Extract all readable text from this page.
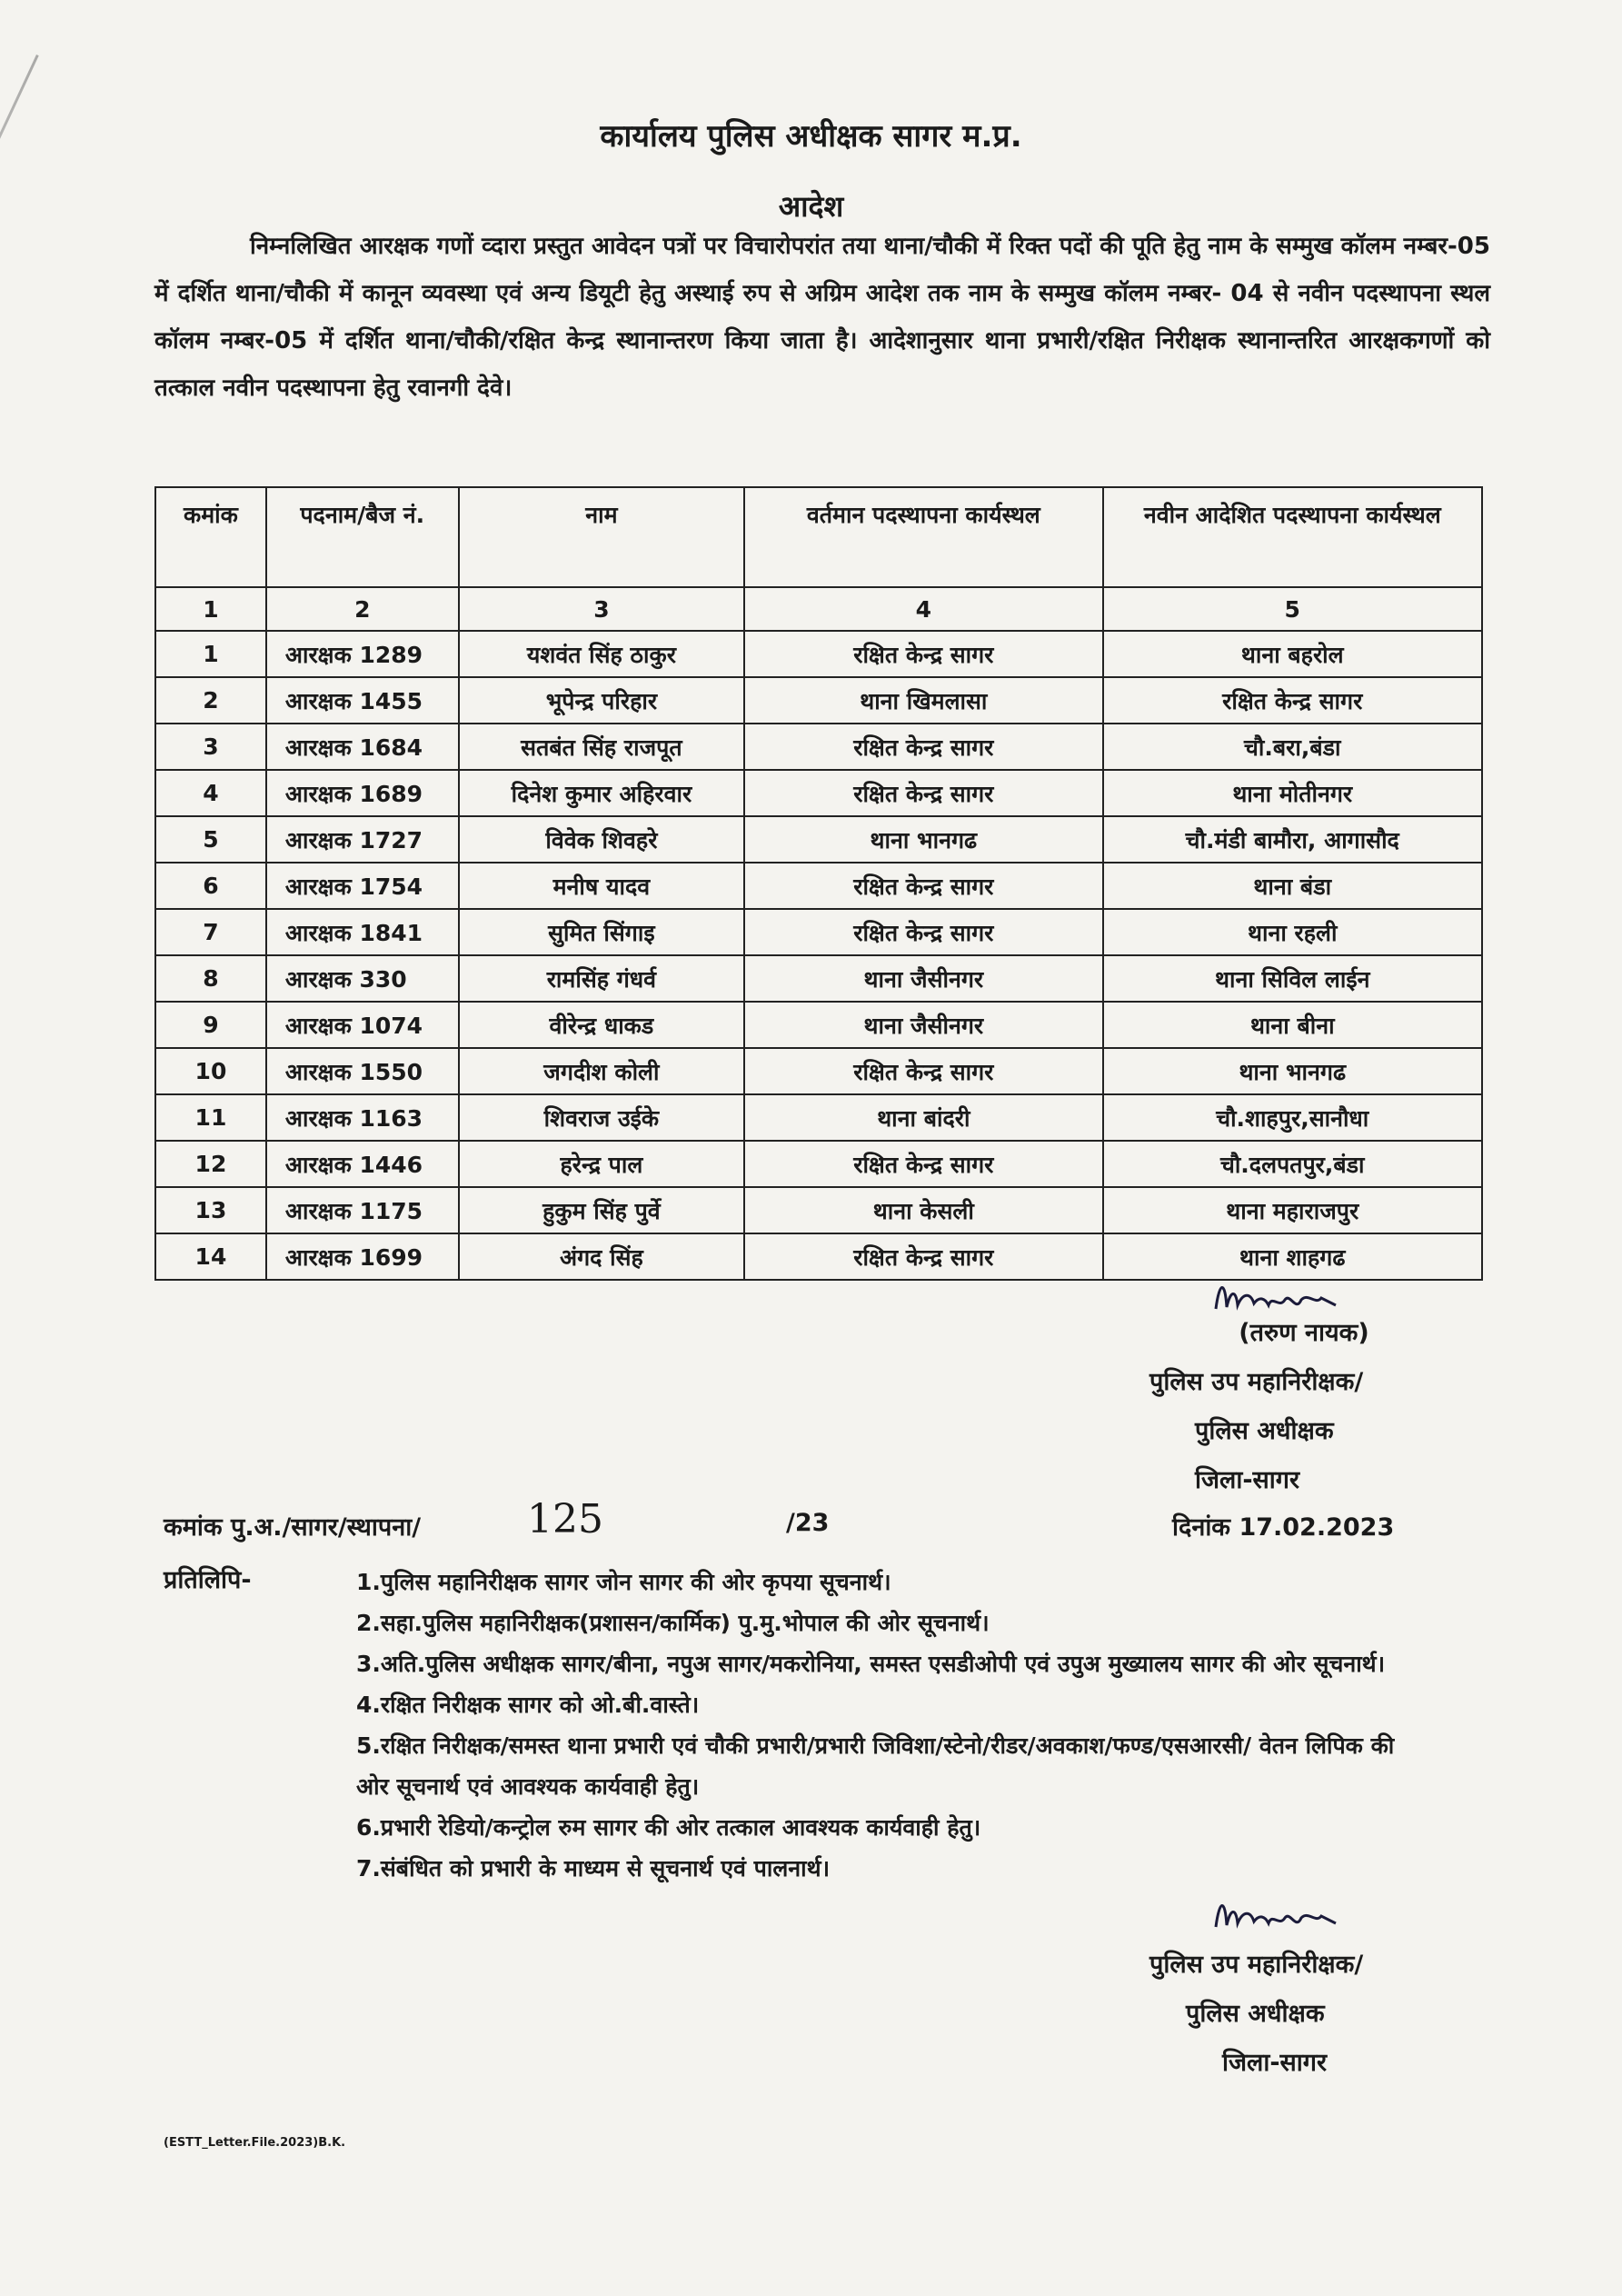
कार्यालय पुलिस अधीक्षक सागर म.प्र.
आदेश
निम्नलिखित आरक्षक गणों व्दारा प्रस्तुत आवेदन पत्रों पर विचारोपरांत तया थाना/चौकी में रिक्त पदों की पूति हेतु नाम के सम्मुख कॉलम नम्बर-05 में दर्शित थाना/चौकी में कानून व्यवस्था एवं अन्य डियूटी हेतु अस्थाई रुप से अग्रिम आदेश तक नाम के सम्मुख कॉलम नम्बर- 04 से नवीन पदस्थापना स्थल कॉलम नम्बर-05 में दर्शित थाना/चौकी/रक्षित केन्द्र स्थानान्तरण किया जाता है। आदेशानुसार थाना प्रभारी/रक्षित निरीक्षक स्थानान्तरित आरक्षकगणों को तत्काल नवीन पदस्थापना हेतु रवानगी देवे।
कमांक	पदनाम/बैज नं.	नाम	वर्तमान पदस्थापना कार्यस्थल	नवीन आदेशित पदस्थापना कार्यस्थल
1	2	3	4	5
1	आरक्षक 1289	यशवंत सिंह ठाकुर	रक्षित केन्द्र सागर	थाना बहरोल
2	आरक्षक 1455	भूपेन्द्र परिहार	थाना खिमलासा	रक्षित केन्द्र सागर
3	आरक्षक 1684	सतबंत सिंह राजपूत	रक्षित केन्द्र सागर	चौ.बरा,बंडा
4	आरक्षक 1689	दिनेश कुमार अहिरवार	रक्षित केन्द्र सागर	थाना मोतीनगर
5	आरक्षक 1727	विवेक शिवहरे	थाना भानगढ	चौ.मंडी बामौरा, आगासौद
6	आरक्षक 1754	मनीष यादव	रक्षित केन्द्र सागर	थाना बंडा
7	आरक्षक 1841	सुमित सिंगाइ	रक्षित केन्द्र सागर	थाना रहली
8	आरक्षक 330	रामसिंह गंधर्व	थाना जैसीनगर	थाना सिविल लाईन
9	आरक्षक 1074	वीरेन्द्र धाकड	थाना जैसीनगर	थाना बीना
10	आरक्षक 1550	जगदीश कोली	रक्षित केन्द्र सागर	थाना भानगढ
11	आरक्षक 1163	शिवराज उईके	थाना बांदरी	चौ.शाहपुर,सानौधा
12	आरक्षक 1446	हरेन्द्र पाल	रक्षित केन्द्र सागर	चौ.दलपतपुर,बंडा
13	आरक्षक 1175	हुकुम सिंह पुर्वे	थाना केसली	थाना महाराजपुर
14	आरक्षक 1699	अंगद सिंह	रक्षित केन्द्र सागर	थाना शाहगढ
(तरुण नायक)
पुलिस उप महानिरीक्षक/
पुलिस अधीक्षक
जिला-सागर
कमांक पु.अ./सागर/स्थापना/	125	/23	दिनांक 17.02.2023
प्रतिलिपि-	1.पुलिस महानिरीक्षक सागर जोन सागर की ओर कृपया सूचनार्थ।
2.सहा.पुलिस महानिरीक्षक(प्रशासन/कार्मिक) पु.मु.भोपाल की ओर सूचनार्थ।
3.अति.पुलिस अधीक्षक सागर/बीना, नपुअ सागर/मकरोनिया, समस्त एसडीओपी एवं उपुअ मुख्यालय सागर की ओर सूचनार्थ।
4.रक्षित निरीक्षक सागर को ओ.बी.वास्ते।
5.रक्षित निरीक्षक/समस्त थाना प्रभारी एवं चौकी प्रभारी/प्रभारी जिविशा/स्टेनो/रीडर/अवकाश/फण्ड/एसआरसी/ वेतन लिपिक की ओर सूचनार्थ एवं आवश्यक कार्यवाही हेतु।
6.प्रभारी रेडियो/कन्ट्रोल रुम सागर की ओर तत्काल आवश्यक कार्यवाही हेतु।
7.संबंधित को प्रभारी के माध्यम से सूचनार्थ एवं पालनार्थ।
पुलिस उप महानिरीक्षक/
पुलिस अधीक्षक
जिला-सागर
(ESTT_Letter.File.2023)B.K.
